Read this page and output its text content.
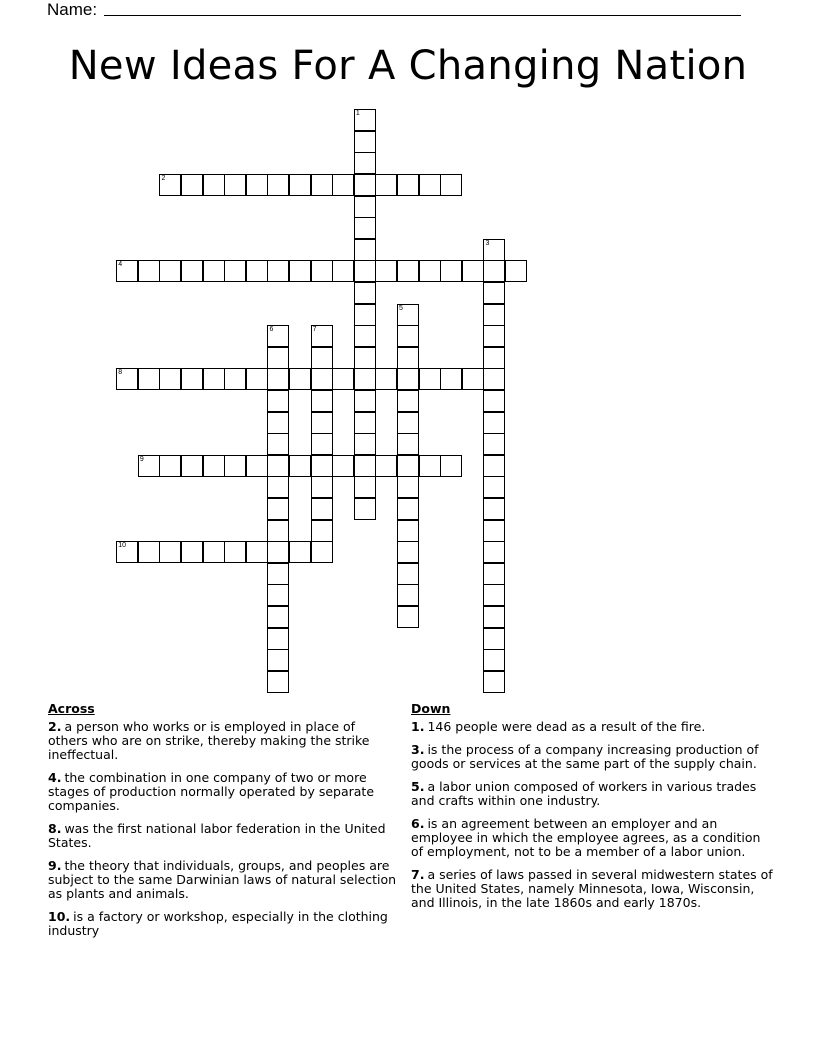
Name:
New Ideas For A Changing Nation
1
2
3
4
5
6	7
8
9
10
Across
2. a person who works or is employed in place of others who are on strike, thereby making the strike ineffectual.
4. the combination in one company of two or more stages of production normally operated by separate companies.
8. was the first national labor federation in the United States.
9. the theory that individuals, groups, and peoples are subject to the same Darwinian laws of natural selection as plants and animals.
10. is a factory or workshop, especially in the clothing industry
Down
1. 146 people were dead as a result of the fire.
3. is the process of a company increasing production of goods or services at the same part of the supply chain.
5. a labor union composed of workers in various trades and crafts within one industry.
6. is an agreement between an employer and an employee in which the employee agrees, as a condition of employment, not to be a member of a labor union.
7. a series of laws passed in several midwestern states of the United States, namely Minnesota, Iowa, Wisconsin, and Illinois, in the late 1860s and early 1870s.
